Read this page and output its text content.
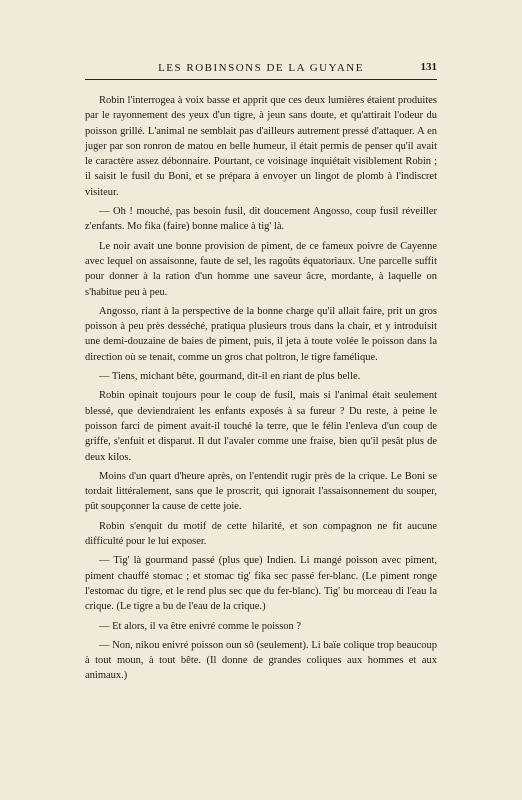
LES ROBINSONS DE LA GUYANE	131

Robin l'interrogea à voix basse et apprit que ces deux lumières étaient produites par le rayonnement des yeux d'un tigre, à jeun sans doute, et qu'attirait l'odeur du poisson grillé. L'animal ne semblait pas d'ailleurs autrement pressé d'attaquer. A en juger par son ronron de matou en belle humeur, il était permis de penser qu'il avait le caractère assez débonnaire. Pourtant, ce voisinage inquiétait visiblement Robin ; il saisit le fusil du Boni, et se prépara à envoyer un lingot de plomb à l'indiscret visiteur.

— Oh ! mouché, pas besoin fusil, dit doucement Angosso, coup fusil réveiller z'enfants. Mo fika (faire) bonne malice à tig' là.

Le noir avait une bonne provision de piment, de ce fameux poivre de Cayenne avec lequel on assaisonne, faute de sel, les ragoûts équatoriaux. Une parcelle suffit pour donner à la ration d'un homme une saveur âcre, mordante, à laquelle on s'habitue peu à peu.

Angosso, riant à la perspective de la bonne charge qu'il allait faire, prit un gros poisson à peu près desséché, pratiqua plusieurs trous dans la chair, et y introduisit une demi-douzaine de baies de piment, puis, il jeta à toute volée le poisson dans la direction où se tenait, comme un gros chat poltron, le tigre famélique.

— Tiens, michant bête, gourmand, dit-il en riant de plus belle.

Robin opinait toujours pour le coup de fusil, mais si l'animal était seulement blessé, que deviendraient les enfants exposés à sa fureur ? Du reste, à peine le poisson farci de piment avait-il touché la terre, que le félin l'enleva d'un coup de griffe, s'enfuit et disparut. Il dut l'avaler comme une fraise, bien qu'il pesât plus de deux kilos.

Moins d'un quart d'heure après, on l'entendit rugir près de la crique. Le Boni se tordait littéralement, sans que le proscrit, qui ignorait l'assaisonnement du souper, pût soupçonner la cause de cette joie.

Robin s'enquit du motif de cette hilarité, et son compagnon ne fit aucune difficulté pour le lui exposer.

— Tig' là gourmand passé (plus que) Indien. Li mangé poisson avec piment, piment chauffé stomac ; et stomac tig' fika sec passé fer-blanc. (Le piment ronge l'estomac du tigre, et le rend plus sec que du fer-blanc). Tig' bu morceau di l'eau la crique. (Le tigre a bu de l'eau de la crique.)

— Et alors, il va être enivré comme le poisson ?

— Non, nikou enivré poisson oun sô (seulement). Li baïe colique trop beaucoup à tout moun, à tout bête. (Il donne de grandes coliques aux hommes et aux animaux.)
